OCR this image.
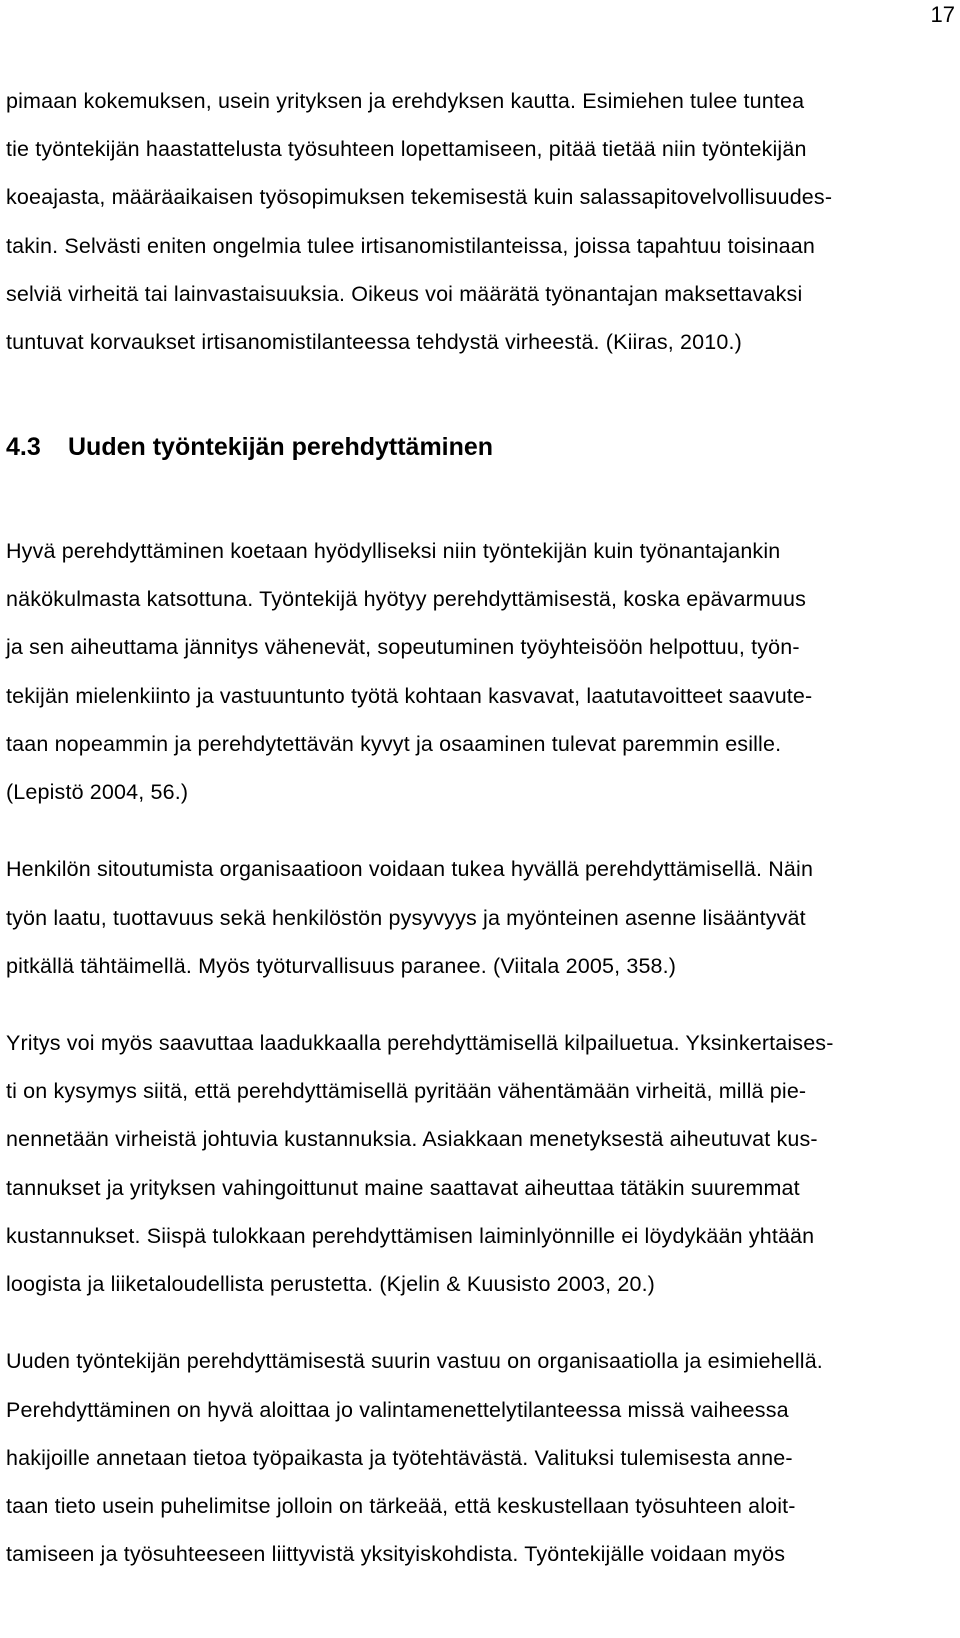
17
pimaan kokemuksen, usein yrityksen ja erehdyksen kautta. Esimiehen tulee tuntea
tie työntekijän haastattelusta työsuhteen lopettamiseen, pitää tietää niin työntekijän
koeajasta, määräaikaisen työsopimuksen tekemisestä kuin salassapitovelvollisuudes-
takin. Selvästi eniten ongelmia tulee irtisanomistilanteissa, joissa tapahtuu toisinaan
selviä virheitä tai lainvastaisuuksia. Oikeus voi määrätä työnantajan maksettavaksi
tuntuvat korvaukset irtisanomistilanteessa tehdystä virheestä. (Kiiras, 2010.)
4.3 Uuden työntekijän perehdyttäminen
Hyvä perehdyttäminen koetaan hyödylliseksi niin työntekijän kuin työnantajankin
näkökulmasta katsottuna. Työntekijä hyötyy perehdyttämisestä, koska epävarmuus
ja sen aiheuttama jännitys vähenevät, sopeutuminen työyhteisöön helpottuu, työn-
tekijän mielenkiinto ja vastuuntunto työtä kohtaan kasvavat, laatutavoitteet saavute-
taan nopeammin ja perehdytettävän kyvyt ja osaaminen tulevat paremmin esille.
(Lepistö 2004, 56.)
Henkilön sitoutumista organisaatioon voidaan tukea hyvällä perehdyttämisellä. Näin
työn laatu, tuottavuus sekä henkilöstön pysyvyys ja myönteinen asenne lisääntyvät
pitkällä tähtäimellä. Myös työturvallisuus paranee. (Viitala 2005, 358.)
Yritys voi myös saavuttaa laadukkaalla perehdyttämisellä kilpailuetua. Yksinkertaises-
ti on kysymys siitä, että perehdyttämisellä pyritään vähentämään virheitä, millä pie-
nennetään virheistä johtuvia kustannuksia. Asiakkaan menetyksestä aiheutuvat kus-
tannukset ja yrityksen vahingoittunut maine saattavat aiheuttaa tätäkin suuremmat
kustannukset. Siispä tulokkaan perehdyttämisen laiminlyönnille ei löydykään yhtään
loogista ja liiketaloudellista perustetta. (Kjelin & Kuusisto 2003, 20.)
Uuden työntekijän perehdyttämisestä suurin vastuu on organisaatiolla ja esimiehellä.
Perehdyttäminen on hyvä aloittaa jo valintamenettelytilanteessa missä vaiheessa
hakijoille annetaan tietoa työpaikasta ja työtehtävästä. Valituksi tulemisesta anne-
taan tieto usein puhelimitse jolloin on tärkeää, että keskustellaan työsuhteen aloit-
tamiseen ja työsuhteeseen liittyvistä yksityiskohdista. Työntekijälle voidaan myös
